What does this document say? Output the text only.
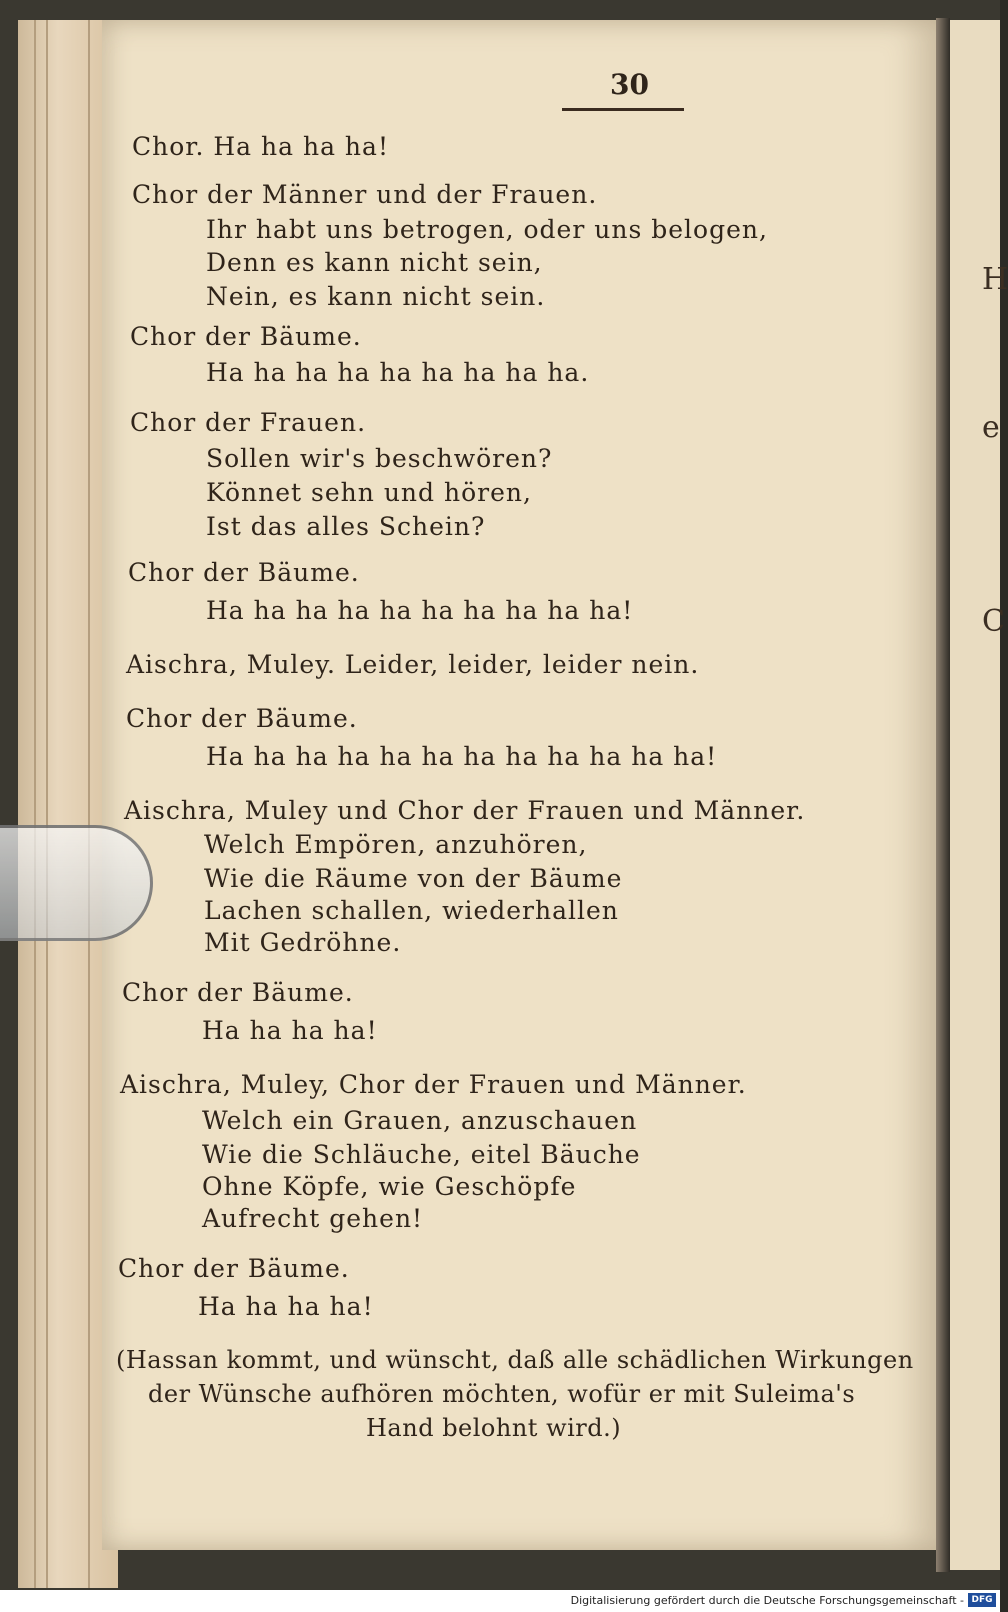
H
e
C
30
Chor. Ha ha ha ha!
Chor der Männer und der Frauen.
Ihr habt uns betrogen, oder uns belogen,
Denn es kann nicht sein,
Nein, es kann nicht sein.
Chor der Bäume.
Ha ha ha ha ha ha ha ha ha.
Chor der Frauen.
Sollen wir's beschwören?
Könnet sehn und hören,
Ist das alles Schein?
Chor der Bäume.
Ha ha ha ha ha ha ha ha ha ha!
Aischra, Muley. Leider, leider, leider nein.
Chor der Bäume.
Ha ha ha ha ha ha ha ha ha ha ha ha!
Aischra, Muley und Chor der Frauen und Männer.
Welch Empören, anzuhören,
Wie die Räume von der Bäume
Lachen schallen, wiederhallen
Mit Gedröhne.
Chor der Bäume.
Ha ha ha ha!
Aischra, Muley, Chor der Frauen und Männer.
Welch ein Grauen, anzuschauen
Wie die Schläuche, eitel Bäuche
Ohne Köpfe, wie Geschöpfe
Aufrecht gehen!
Chor der Bäume.
Ha ha ha ha!
(Hassan kommt, und wünscht, daß alle schädlichen Wirkungen
der Wünsche aufhören möchten, wofür er mit Suleima's
Hand belohnt wird.)
Digitalisierung gefördert durch die Deutsche Forschungsgemeinschaft - DFG
